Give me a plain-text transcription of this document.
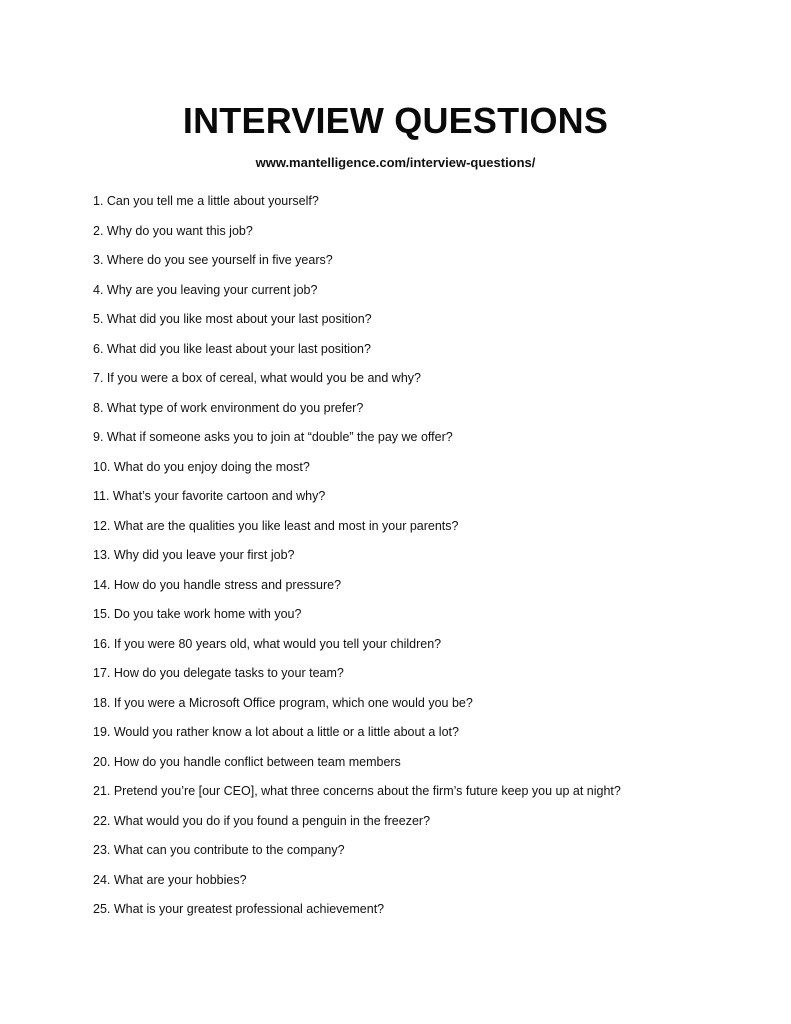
INTERVIEW QUESTIONS
www.mantelligence.com/interview-questions/
1. Can you tell me a little about yourself?
2. Why do you want this job?
3. Where do you see yourself in five years?
4. Why are you leaving your current job?
5. What did you like most about your last position?
6. What did you like least about your last position?
7. If you were a box of cereal, what would you be and why?
8. What type of work environment do you prefer?
9. What if someone asks you to join at “double” the pay we offer?
10. What do you enjoy doing the most?
11. What’s your favorite cartoon and why?
12. What are the qualities you like least and most in your parents?
13. Why did you leave your first job?
14. How do you handle stress and pressure?
15. Do you take work home with you?
16. If you were 80 years old, what would you tell your children?
17. How do you delegate tasks to your team?
18. If you were a Microsoft Office program, which one would you be?
19. Would you rather know a lot about a little or a little about a lot?
20. How do you handle conflict between team members
21. Pretend you’re [our CEO], what three concerns about the firm’s future keep you up at night?
22. What would you do if you found a penguin in the freezer?
23. What can you contribute to the company?
24. What are your hobbies?
25. What is your greatest professional achievement?
